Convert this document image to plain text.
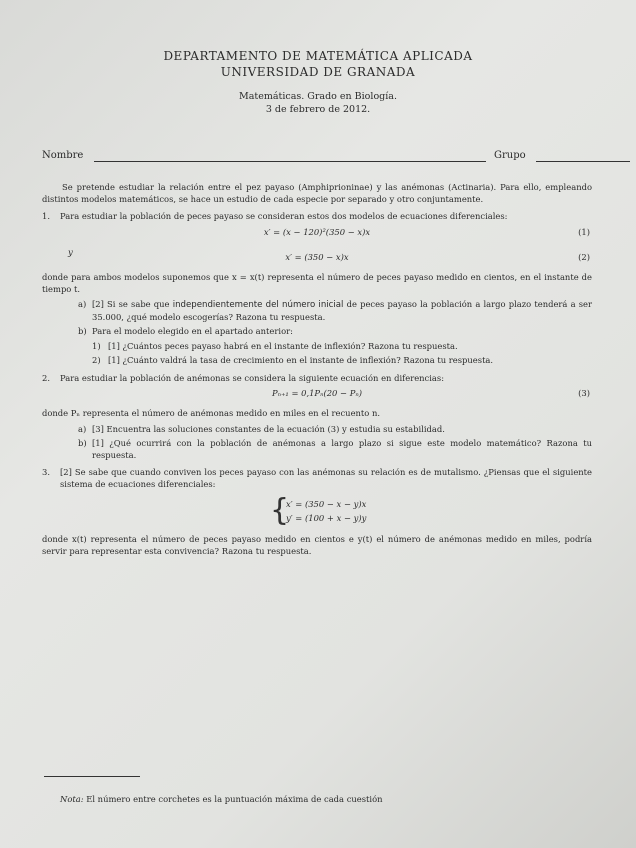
DEPARTAMENTO DE MATEMÁTICA APLICADA
UNIVERSIDAD DE GRANADA
Matemáticas. Grado en Biología.
3 de febrero de 2012.
Nombre	Grupo

Se pretende estudiar la relación entre el pez payaso (Amphiprioninae) y las anémonas (Actinaria). Para ello, empleando distintos modelos matemáticos, se hace un estudio de cada especie por separado y otro conjuntamente.

1.	Para estudiar la población de peces payaso se consideran estos dos modelos de ecuaciones diferenciales:
x′ = (x − 120)²(350 − x)x	(1)
y
x′ = (350 − x)x	(2)

donde para ambos modelos suponemos que x = x(t) representa el número de peces payaso medido en cientos, en el instante de tiempo t.

a) [2] Si se sabe que independientemente del número inicial de peces payaso la población a largo plazo tenderá a ser 35.000, ¿qué modelo escogerías? Razona tu respuesta.
b) Para el modelo elegido en el apartado anterior:
1) [1] ¿Cuántos peces payaso habrá en el instante de inflexión? Razona tu respuesta.
2) [1] ¿Cuánto valdrá la tasa de crecimiento en el instante de inflexión? Razona tu respuesta.
2.	Para estudiar la población de anémonas se considera la siguiente ecuación en diferencias:
Pₙ₊₁ = 0,1Pₙ(20 − Pₙ)	(3)

donde Pₙ representa el número de anémonas medido en miles en el recuento n.

a) [3] Encuentra las soluciones constantes de la ecuación (3) y estudia su estabilidad.
b) [1] ¿Qué ocurrirá con la población de anémonas a largo plazo si sigue este modelo matemático? Razona tu respuesta.
3.	[2] Se sabe que cuando conviven los peces payaso con las anémonas su relación es de mutalismo. ¿Piensas que el siguiente sistema de ecuaciones diferenciales:
{
x′ = (350 − x − y)x
y′ = (100 + x − y)y

donde x(t) representa el número de peces payaso medido en cientos e y(t) el número de anémonas medido en miles, podría servir para representar esta convivencia? Razona tu respuesta.

Nota: El número entre corchetes es la puntuación máxima de cada cuestión
